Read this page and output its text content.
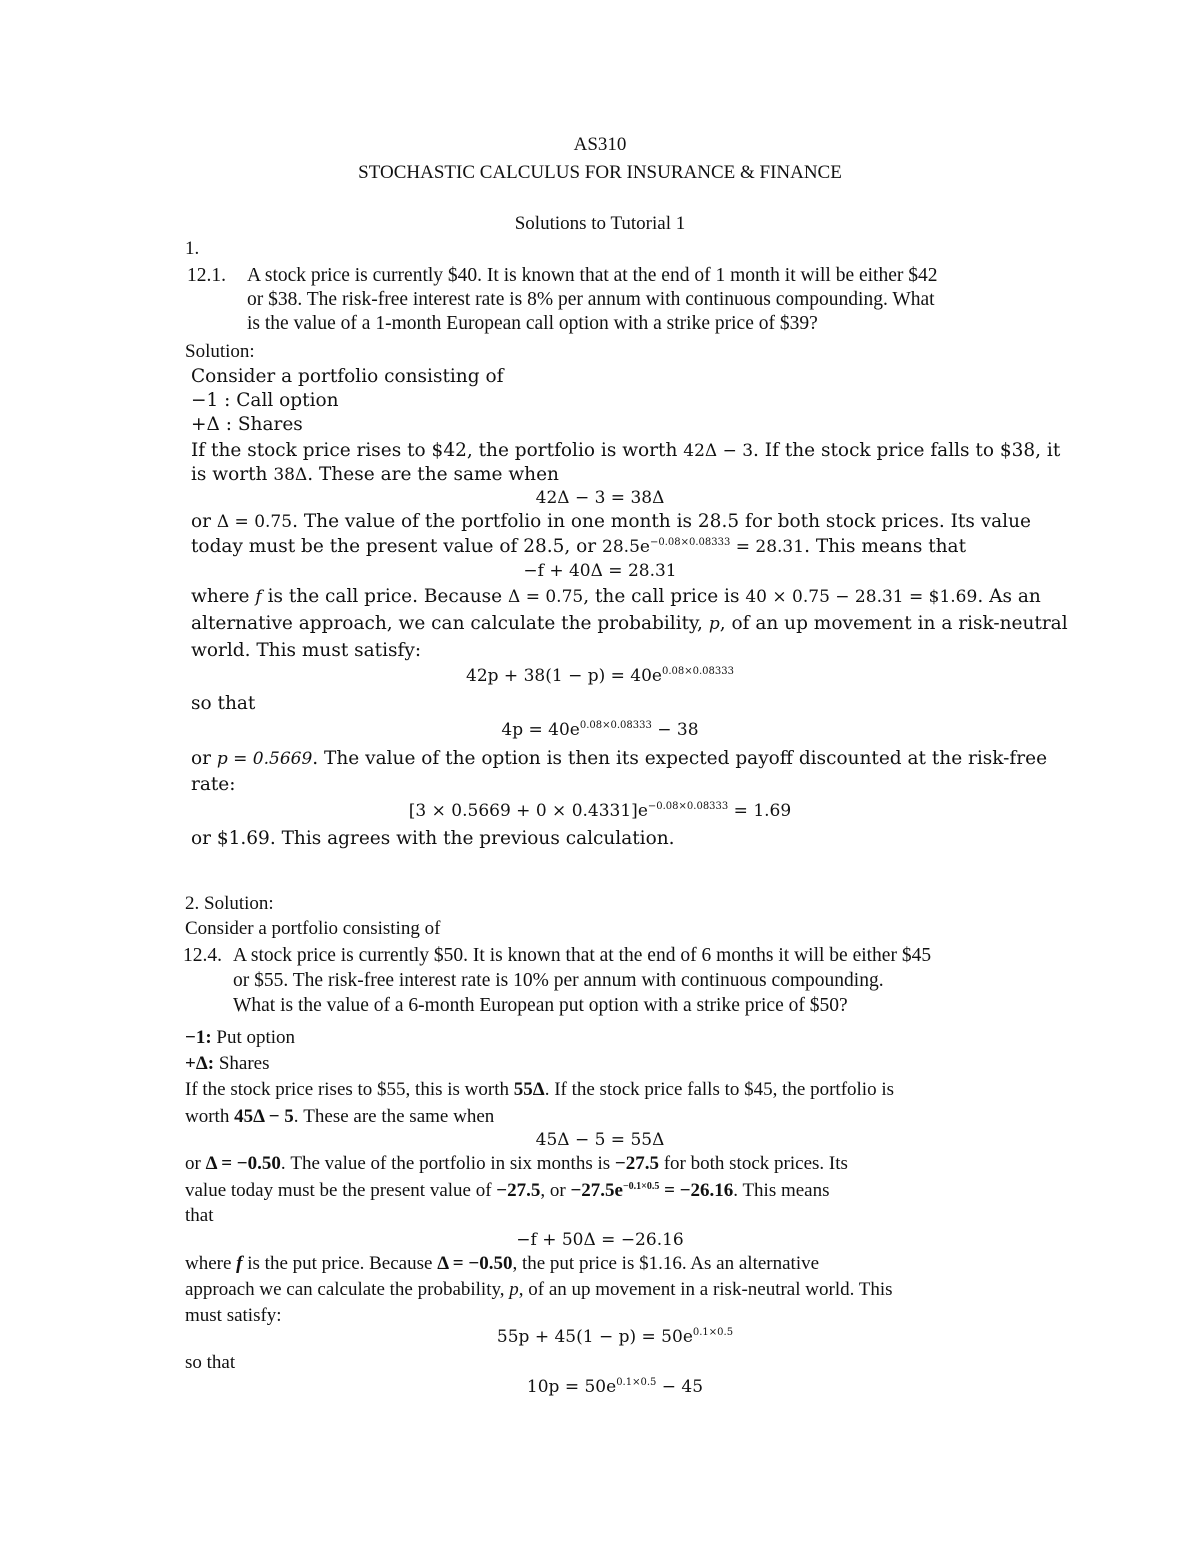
AS310
STOCHASTIC CALCULUS FOR INSURANCE & FINANCE
Solutions to Tutorial 1
1.
12.1. A stock price is currently $40. It is known that at the end of 1 month it will be either $42
or $38. The risk-free interest rate is 8% per annum with continuous compounding. What
is the value of a 1-month European call option with a strike price of $39?
Solution:
Consider a portfolio consisting of
−1 : Call option
+Δ : Shares
If the stock price rises to $42, the portfolio is worth 42Δ − 3. If the stock price falls to $38, it
is worth 38Δ. These are the same when
42Δ − 3 = 38Δ
or Δ = 0.75. The value of the portfolio in one month is 28.5 for both stock prices. Its value
today must be the present value of 28.5, or $28.5e^{-0.08\times 0.08333} = 28.31$. This means that
−f + 40Δ = 28.31
where f is the call price. Because Δ = 0.75, the call price is 40 × 0.75 − 28.31 = $1.69. As an
alternative approach, we can calculate the probability, p, of an up movement in a risk-neutral
world. This must satisfy:
$42p + 38(1 - p) = 40e^{0.08\times 0.08333}$
so that
$4p = 40e^{0.08\times 0.08333} - 38$
or p = 0.5669. The value of the option is then its expected payoff discounted at the risk-free
rate:
$[3 \times 0.5669 + 0 \times 0.4331]e^{-0.08\times 0.08333} = 1.69$
or $1.69. This agrees with the previous calculation.
2. Solution:
Consider a portfolio consisting of
12.4. A stock price is currently $50. It is known that at the end of 6 months it will be either $45
or $55. The risk-free interest rate is 10% per annum with continuous compounding.
What is the value of a 6-month European put option with a strike price of $50?
−1: Put option
+Δ: Shares
If the stock price rises to $55, this is worth 55Δ. If the stock price falls to $45, the portfolio is
worth 45Δ − 5. These are the same when
45Δ − 5 = 55Δ
or Δ = −0.50. The value of the portfolio in six months is −27.5 for both stock prices. Its
value today must be the present value of −27.5, or $-27.5e^{-0.1\times 0.5} = -26.16$. This means
that
−f + 50Δ = −26.16
where f is the put price. Because Δ = −0.50, the put price is $1.16. As an alternative
approach we can calculate the probability, p, of an up movement in a risk-neutral world. This
must satisfy:
$55p + 45(1 - p) = 50e^{0.1\times 0.5}$
so that
$10p = 50e^{0.1\times 0.5} - 45$
